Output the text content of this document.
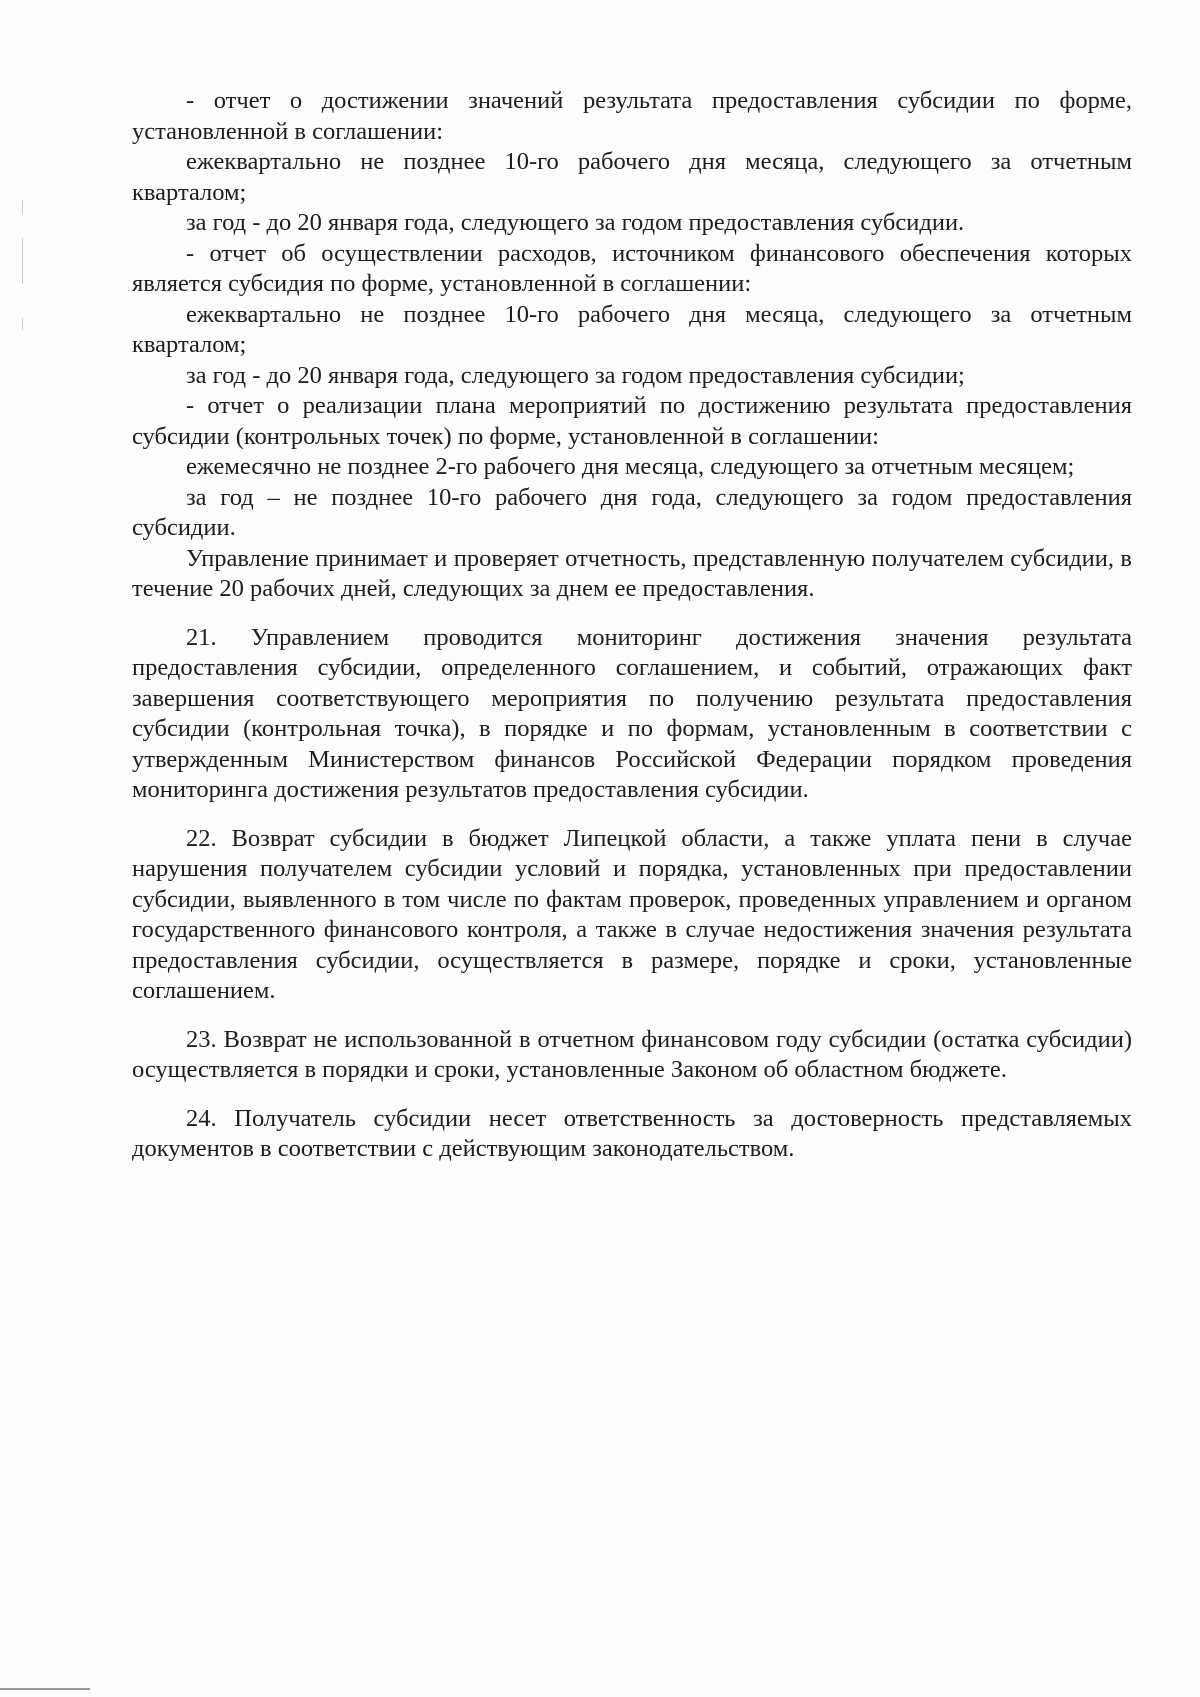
- отчет о достижении значений результата предоставления субсидии по форме, установленной в соглашении:

ежеквартально не позднее 10-го рабочего дня месяца, следующего за отчетным кварталом;

за год - до 20 января года, следующего за годом предоставления субсидии.

- отчет об осуществлении расходов, источником финансового обеспечения которых является субсидия по форме, установленной в соглашении:

ежеквартально не позднее 10-го рабочего дня месяца, следующего за отчетным кварталом;

за год - до 20 января года, следующего за годом предоставления субсидии;

- отчет о реализации плана мероприятий по достижению результата предоставления субсидии (контрольных точек) по форме, установленной в соглашении:

ежемесячно не позднее 2-го рабочего дня месяца, следующего за отчетным месяцем;

за год – не позднее 10-го рабочего дня года, следующего за годом предоставления субсидии.

Управление принимает и проверяет отчетность, представленную получателем субсидии, в течение 20 рабочих дней, следующих за днем ее предоставления.

21. Управлением проводится мониторинг достижения значения результата предоставления субсидии, определенного соглашением, и событий, отражающих факт завершения соответствующего мероприятия по получению результата предоставления субсидии (контрольная точка), в порядке и по формам, установленным в соответствии с утвержденным Министерством финансов Российской Федерации порядком проведения мониторинга достижения результатов предоставления субсидии.

22. Возврат субсидии в бюджет Липецкой области, а также уплата пени в случае нарушения получателем субсидии условий и порядка, установленных при предоставлении субсидии, выявленного в том числе по фактам проверок, проведенных управлением и органом государственного финансового контроля, а также в случае недостижения значения результата предоставления субсидии, осуществляется в размере, порядке и сроки, установленные соглашением.

23. Возврат не использованной в отчетном финансовом году субсидии (остатка субсидии) осуществляется в порядки и сроки, установленные Законом об областном бюджете.

24. Получатель субсидии несет ответственность за достоверность представляемых документов в соответствии с действующим законодательством.
